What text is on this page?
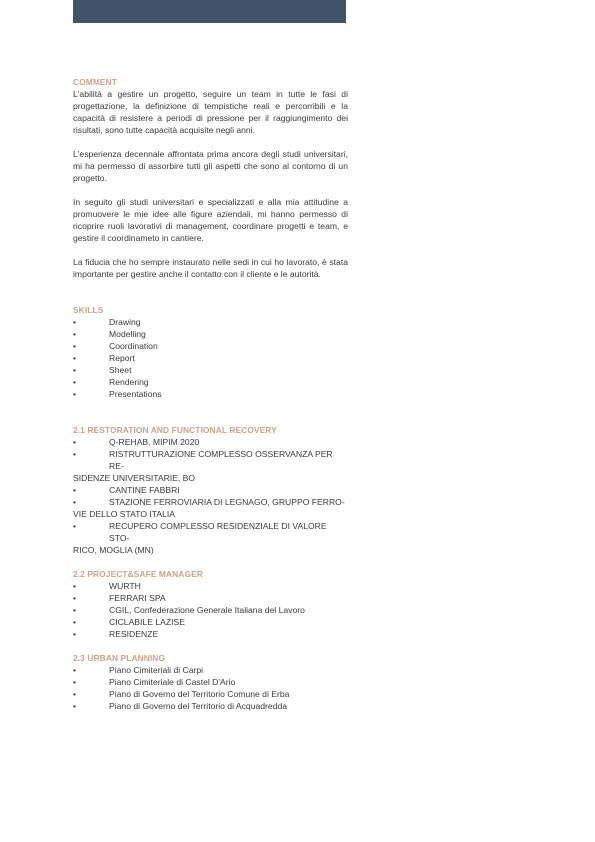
COMMENT

L'abilità a gestire un progetto, seguire un team in tutte le fasi di progettazione, la definizione di tempistiche reali e percorribili e la capacità di resistere a periodi di pressione per il raggiungimento dei risultati, sono tutte capacità acquisite negli anni.

L'esperienza decennale affrontata prima ancora degli studi universitari, mi ha permesso di assorbire tutti gli aspetti che sono al contorno di un progetto.

In seguito gli studi universitari e specializzati e alla mia attitudine a promuovere le mie idee alle figure aziendali, mi hanno permesso di ricoprire ruoli lavorativi di management, coordinare progetti e team, e gestire il coordinameto in cantiere.

La fiducia che ho sempre instaurato nelle sedi in cui ho lavorato, è stata importante per gestire anche il contatto con il cliente e le autorità.

SKILLS
•	Drawing
•	Modelling
•	Coordination
•	Report
•	Sheet
•	Rendering
•	Presentations
2.1 RESTORATION AND FUNCTIONAL RECOVERY
•	Q-REHAB, MIPIM 2020
•	RISTRUTTURAZIONE COMPLESSO OSSERVANZA PER RE-
SIDENZE UNIVERSITARIE, BO
•	CANTINE FABBRI
•	STAZIONE FERROVIARIA DI LEGNAGO, GRUPPO FERRO-
VIE DELLO STATO ITALIA
•	RECUPERO COMPLESSO RESIDENZIALE DI VALORE STO-
RICO, MOGLIA (MN)
2.2 PROJECT&SAFE MANAGER
•	WURTH
•	FERRARI SPA
•	CGIL, Confederazione Generale Italiana del Lavoro
•	CICLABILE LAZISE
•	RESIDENZE
2.3 URBAN PLANNING
•	Piano Cimiteriali di Carpi
•	Piano Cimiteriale di Castel D'Ario
•	Piano di Governo del Territorio Comune di Erba
•	Piano di Governo del Territorio di Acquadredda
